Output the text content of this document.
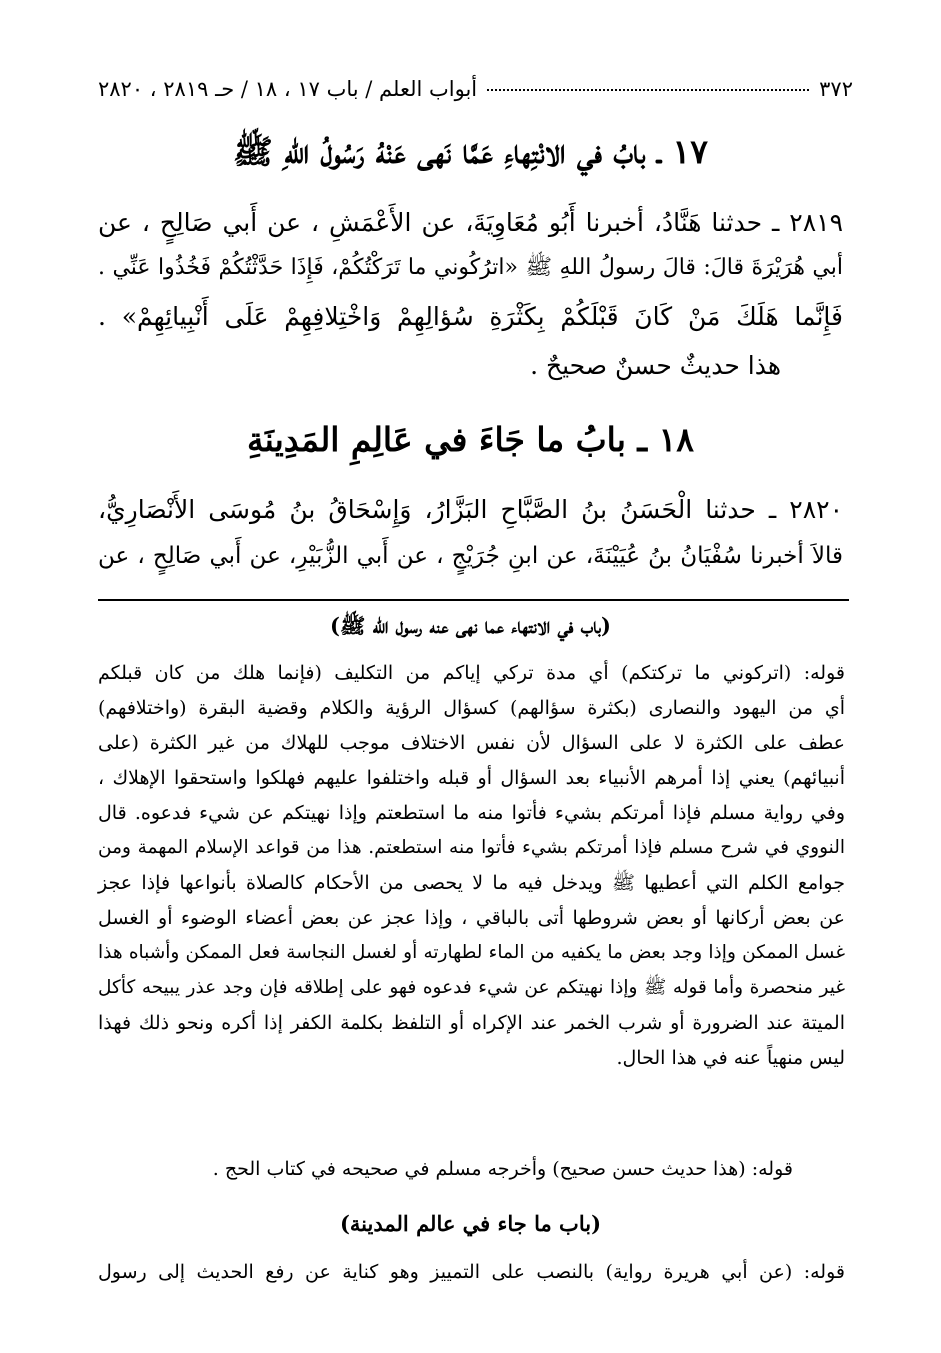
٣٧٢
أبواب العلم / باب ١٧ ، ١٨ / حـ ٢٨١٩ ، ٢٨٢٠
١٧ ـ بابُ في الانْتِهاءِ عَمَّا نَهى عَنْهُ رَسُولُ اللهِ ﷺ
٢٨١٩ ـ حدثنا هَنَّادُ، أخبرنا أَبُو مُعَاوِيَةَ، عن الأَعْمَشِ ، عن أَبي صَالِحٍ ، عن
أبي هُرَيْرَةَ قالَ: قالَ رسولُ اللهِ ﷺ «اترُكُوني ما تَرَكْتُكُمْ، فَإِذَا حَدَّثْتُكُمْ فَخُذُوا عَنِّي .
فَإِنَّما هَلَكَ مَنْ كَانَ قَبْلَكُمْ بِكَثْرَةِ سُؤالِهِمْ وَاخْتِلافِهِمْ عَلَى أَنْبِيائِهِمْ» .
هذا حديثٌ حسنٌ صحيحٌ .
١٨ ـ بابُ ما جَاءَ في عَالِمِ المَدِينَةِ
٢٨٢٠ ـ حدثنا الْحَسَنُ بنُ الصَّبَّاحِ البَزَّارُ، وَإِسْحَاقُ بنُ مُوسَى الأَنْصَارِيُّ،
قالاَ أخبرنا سُفْيَانُ بنُ عُيَيْنَةَ، عن ابنِ جُرَيْجٍ ، عن أَبي الزُّبَيْرِ، عن أَبي صَالِحٍ ، عن
(باب في الانتهاء عما نهى عنه رسول الله ﷺ)
قوله: (اتركوني ما تركتكم) أي مدة تركي إياكم من التكليف (فإنما هلك من كان قبلكم
أي من اليهود والنصارى (بكثرة سؤالهم) كسؤال الرؤية والكلام وقضية البقرة (واختلافهم)
عطف على الكثرة لا على السؤال لأن نفس الاختلاف موجب للهلاك من غير الكثرة (على
أنبيائهم) يعني إذا أمرهم الأنبياء بعد السؤال أو قبله واختلفوا عليهم فهلكوا واستحقوا الإهلاك ،
وفي رواية مسلم فإذا أمرتكم بشيء فأتوا منه ما استطعتم وإذا نهيتكم عن شيء فدعوه. قال
النووي في شرح مسلم فإذا أمرتكم بشيء فأتوا منه استطعتم. هذا من قواعد الإسلام المهمة ومن
جوامع الكلم التي أعطيها ﷺ ويدخل فيه ما لا يحصى من الأحكام كالصلاة بأنواعها فإذا عجز
عن بعض أركانها أو بعض شروطها أتى بالباقي ، وإذا عجز عن بعض أعضاء الوضوء أو الغسل
غسل الممكن وإذا وجد بعض ما يكفيه من الماء لطهارته أو لغسل النجاسة فعل الممكن وأشباه هذا
غير منحصرة وأما قوله ﷺ وإذا نهيتكم عن شيء فدعوه فهو على إطلاقه فإن وجد عذر يبيحه كأكل
الميتة عند الضرورة أو شرب الخمر عند الإكراه أو التلفظ بكلمة الكفر إذا أكره ونحو ذلك فهذا
ليس منهياً عنه في هذا الحال.
قوله: (هذا حديث حسن صحيح) وأخرجه مسلم في صحيحه في كتاب الحج .
(باب ما جاء في عالم المدينة)
قوله: (عن أبي هريرة رواية) بالنصب على التمييز وهو كناية عن رفع الحديث إلى رسول
